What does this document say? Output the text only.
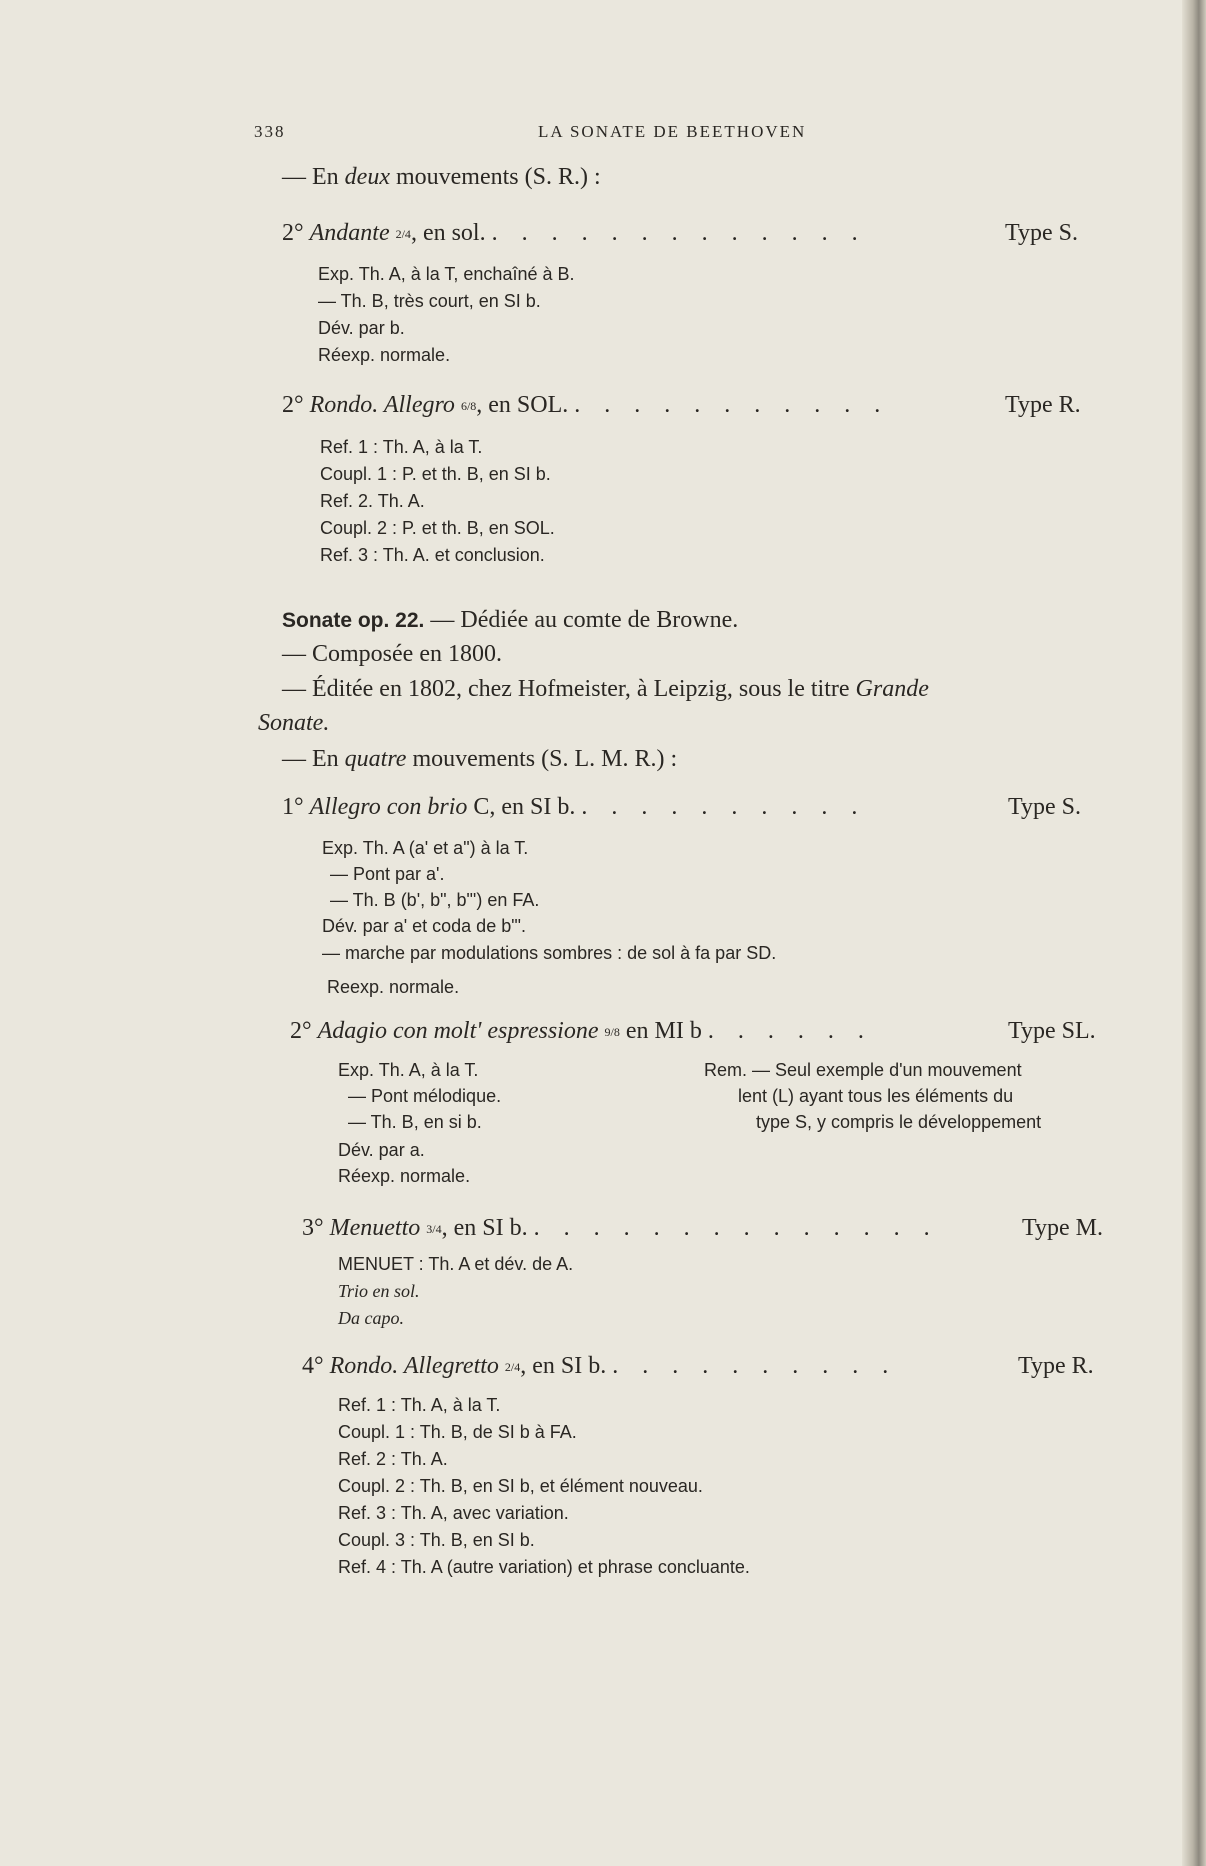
338	LA SONATE DE BEETHOVEN
— En deux mouvements (S. R.) :
2° Andante 2/4, en sol. . . . . . . . . . . . . .	Type S.
Exp. Th. A, à la T, enchaîné à B.
— Th. B, très court, en SI b.
Dév. par b.
Réexp. normale.
2° Rondo. Allegro 6/8, en SOL. . . . . . . . . . . .	Type R.
Ref. 1 : Th. A, à la T.
Coupl. 1 : P. et th. B, en SI b.
Ref. 2. Th. A.
Coupl. 2 : P. et th. B, en SOL.
Ref. 3 : Th. A. et conclusion.
Sonate op. 22. — Dédiée au comte de Browne.
— Composée en 1800.
— Éditée en 1802, chez Hofmeister, à Leipzig, sous le titre Grande
Sonate.
— En quatre mouvements (S. L. M. R.) :
1° Allegro con brio C, en SI b. . . . . . . . . . .	Type S.
Exp. Th. A (a' et a") à la T.
— Pont par a'.
— Th. B (b', b", b"') en FA.
Dév. par a' et coda de b"'.
— marche par modulations sombres : de sol à fa par SD.
Reexp. normale.
2° Adagio con molt' espressione 9/8 en MI b . . . . . .	Type SL.
Exp. Th. A, à la T.
— Pont mélodique.
— Th. B, en si b.
Dév. par a.
Réexp. normale.
Rem. — Seul exemple d'un mouvement
lent (L) ayant tous les éléments du
type S, y compris le développement
3° Menuetto 3/4, en SI b. . . . . . . . . . . . . . .	Type M.
MENUET : Th. A et dév. de A.
Trio en sol.
Da capo.
4° Rondo. Allegretto 2/4, en SI b. . . . . . . . . . .	Type R.
Ref. 1 : Th. A, à la T.
Coupl. 1 : Th. B, de SI b à FA.
Ref. 2 : Th. A.
Coupl. 2 : Th. B, en SI b, et élément nouveau.
Ref. 3 : Th. A, avec variation.
Coupl. 3 : Th. B, en SI b.
Ref. 4 : Th. A (autre variation) et phrase concluante.
